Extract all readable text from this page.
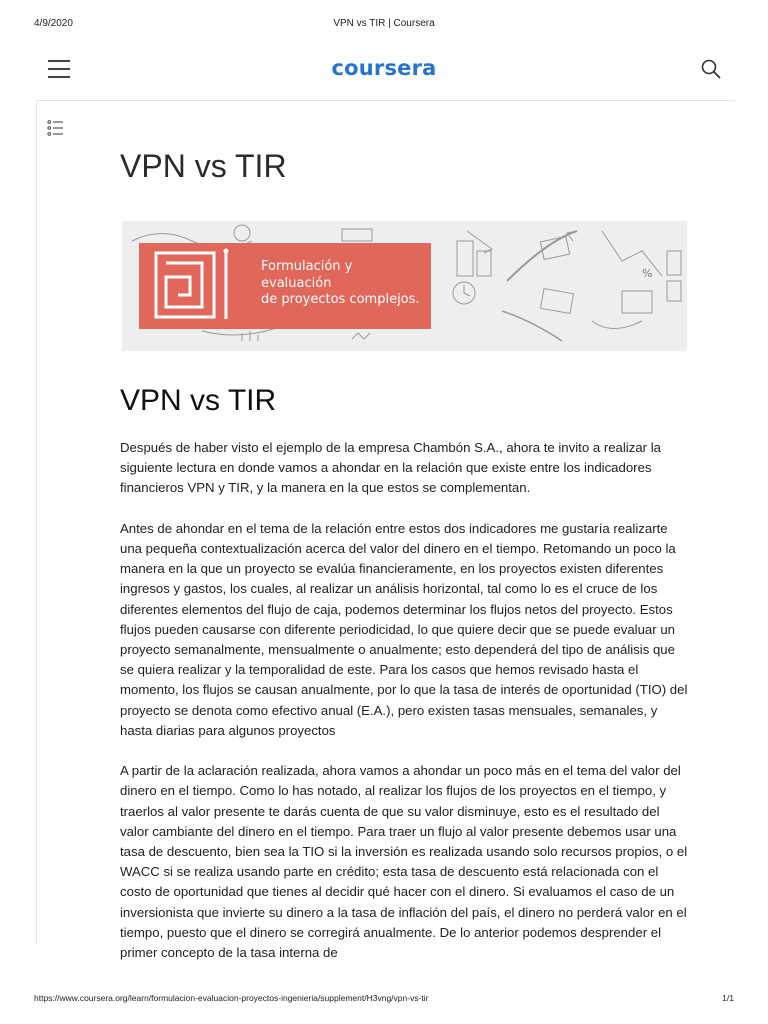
4/9/2020	VPN vs TIR | Coursera
coursera
VPN vs TIR
%
Formulación y
evaluación
de proyectos complejos.
VPN vs TIR

Después de haber visto el ejemplo de la empresa Chambón S.A., ahora te invito a realizar la siguiente lectura en donde vamos a ahondar en la relación que existe entre los indicadores financieros VPN y TIR, y la manera en la que estos se complementan.

Antes de ahondar en el tema de la relación entre estos dos indicadores me gustaría realizarte una pequeña contextualización acerca del valor del dinero en el tiempo. Retomando un poco la manera en la que un proyecto se evalúa financieramente, en los proyectos existen diferentes ingresos y gastos, los cuales, al realizar un análisis horizontal, tal como lo es el cruce de los diferentes elementos del flujo de caja, podemos determinar los flujos netos del proyecto. Estos flujos pueden causarse con diferente periodicidad, lo que quiere decir que se puede evaluar un proyecto semanalmente, mensualmente o anualmente; esto dependerá del tipo de análisis que se quiera realizar y la temporalidad de este. Para los casos que hemos revisado hasta el momento, los flujos se causan anualmente, por lo que la tasa de interés de oportunidad (TIO) del proyecto se denota como efectivo anual (E.A.), pero existen tasas mensuales, semanales, y hasta diarias para algunos proyectos

A partir de la aclaración realizada, ahora vamos a ahondar un poco más en el tema del valor del dinero en el tiempo. Como lo has notado, al realizar los flujos de los proyectos en el tiempo, y traerlos al valor presente te darás cuenta de que su valor disminuye, esto es el resultado del valor cambiante del dinero en el tiempo. Para traer un flujo al valor presente debemos usar una tasa de descuento, bien sea la TIO si la inversión es realizada usando solo recursos propios, o el WACC si se realiza usando parte en crédito; esta tasa de descuento está relacionada con el costo de oportunidad que tienes al decidir qué hacer con el dinero. Si evaluamos el caso de un inversionista que invierte su dinero a la tasa de inflación del país, el dinero no perderá valor en el tiempo, puesto que el dinero se corregirá anualmente. De lo anterior podemos desprender el primer concepto de la tasa interna de

https://www.coursera.org/learn/formulacion-evaluacion-proyectos-ingenieria/supplement/H3vng/vpn-vs-tir	1/1
